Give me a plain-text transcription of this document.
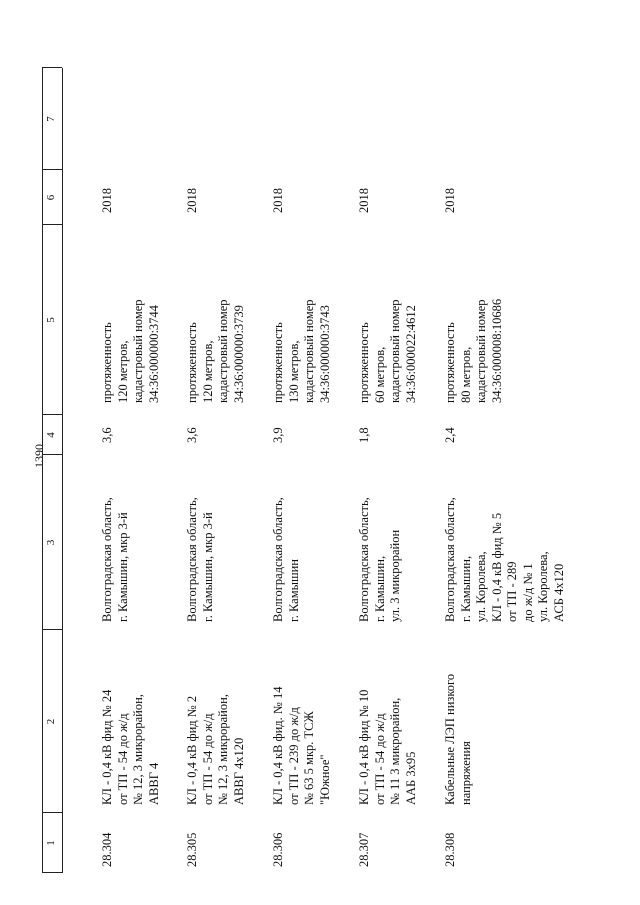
1390
1
2
3
4
5
6
7
28.304
КЛ - 0,4 кВ фид № 24 от ТП - 54 до ж/д № 12, 3 микрорайон, АВВГ 4
Волгоградская область, г. Камышин, мкр 3-й
3,6
протяженность 120 метров, кадастровый номер 34:36:000000:3744
2018
28.305
КЛ - 0,4 кВ фид № 2 от ТП - 54 до ж/д № 12, 3 микрорайон, АВВГ 4х120
Волгоградская область, г. Камышин, мкр 3-й
3,6
протяженность 120 метров, кадастровый номер 34:36:000000:3739
2018
28.306
КЛ - 0,4 кВ фид. № 14 от ТП - 239 до ж/д № 63 5 мкр. ТСЖ "Южное"
Волгоградская область, г. Камышин
3,9
протяженность 130 метров, кадастровый номер 34:36:000000:3743
2018
28.307
КЛ - 0,4 кВ фид № 10 от ТП - 54 до ж/д № 11 3 микрорайон, ААБ 3х95
Волгоградская область, г. Камышин, ул. 3 микрорайон
1,8
протяженность 60 метров, кадастровый номер 34:36:000022:4612
2018
28.308
Кабельные ЛЭП низкого напряжения
Волгоградская область, г. Камышин, ул. Королева, КЛ - 0,4 кВ фид № 5 от ТП - 289 до ж/д № 1 ул. Королева, АСБ 4х120
2,4
протяженность 80 метров, кадастровый номер 34:36:000008:10686
2018
